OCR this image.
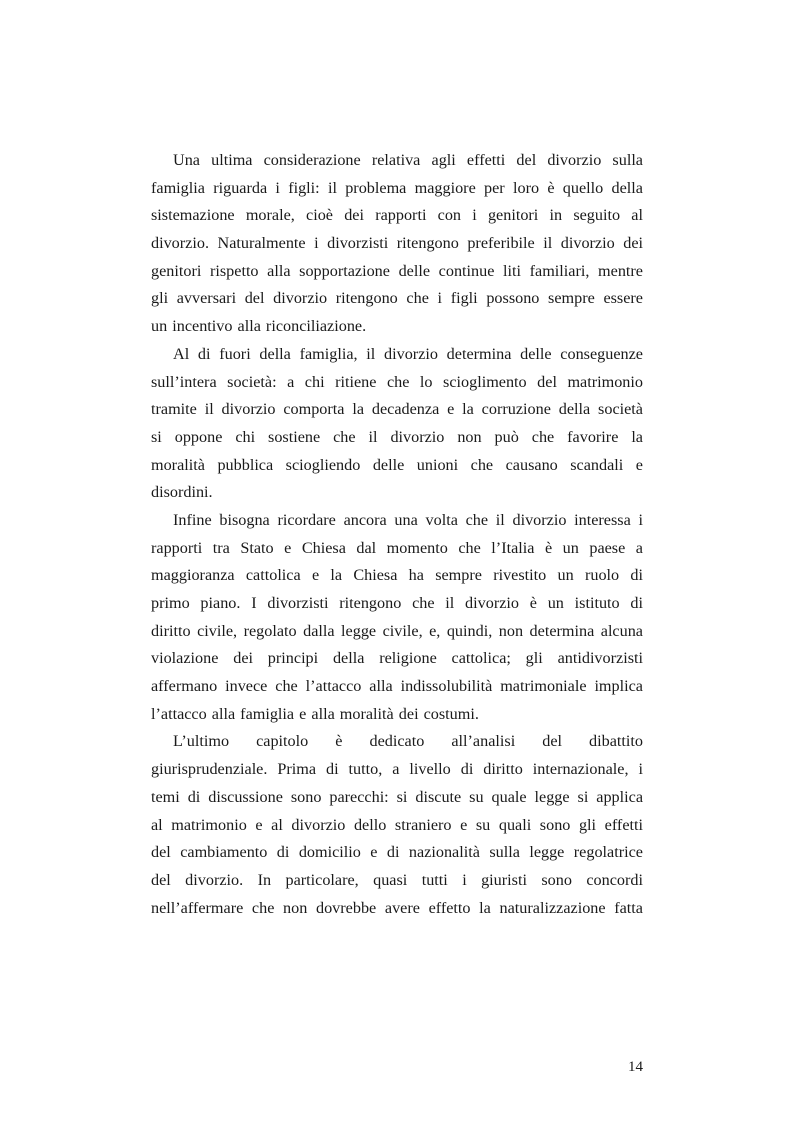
Una ultima considerazione relativa agli effetti del divorzio sulla
famiglia riguarda i figli: il problema maggiore per loro è quello della
sistemazione morale, cioè dei rapporti con i genitori in seguito al
divorzio. Naturalmente i divorzisti ritengono preferibile il divorzio dei
genitori rispetto alla sopportazione delle continue liti familiari, mentre
gli avversari del divorzio ritengono che i figli possono sempre essere
un incentivo alla riconciliazione.

Al di fuori della famiglia, il divorzio determina delle conseguenze
sull’intera società: a chi ritiene che lo scioglimento del matrimonio
tramite il divorzio comporta la decadenza e la corruzione della società
si oppone chi sostiene che il divorzio non può che favorire la
moralità pubblica sciogliendo delle unioni che causano scandali e
disordini.

Infine bisogna ricordare ancora una volta che il divorzio interessa i
rapporti tra Stato e Chiesa dal momento che l’Italia è un paese a
maggioranza cattolica e la Chiesa ha sempre rivestito un ruolo di
primo piano. I divorzisti ritengono che il divorzio è un istituto di
diritto civile, regolato dalla legge civile, e, quindi, non determina alcuna
violazione dei principi della religione cattolica; gli antidivorzisti
affermano invece che l’attacco alla indissolubilità matrimoniale implica
l’attacco alla famiglia e alla moralità dei costumi.

L’ultimo capitolo è dedicato all’analisi del dibattito
giurisprudenziale. Prima di tutto, a livello di diritto internazionale, i
temi di discussione sono parecchi: si discute su quale legge si applica
al matrimonio e al divorzio dello straniero e su quali sono gli effetti
del cambiamento di domicilio e di nazionalità sulla legge regolatrice
del divorzio. In particolare, quasi tutti i giuristi sono concordi
nell’affermare che non dovrebbe avere effetto la naturalizzazione fatta

14
